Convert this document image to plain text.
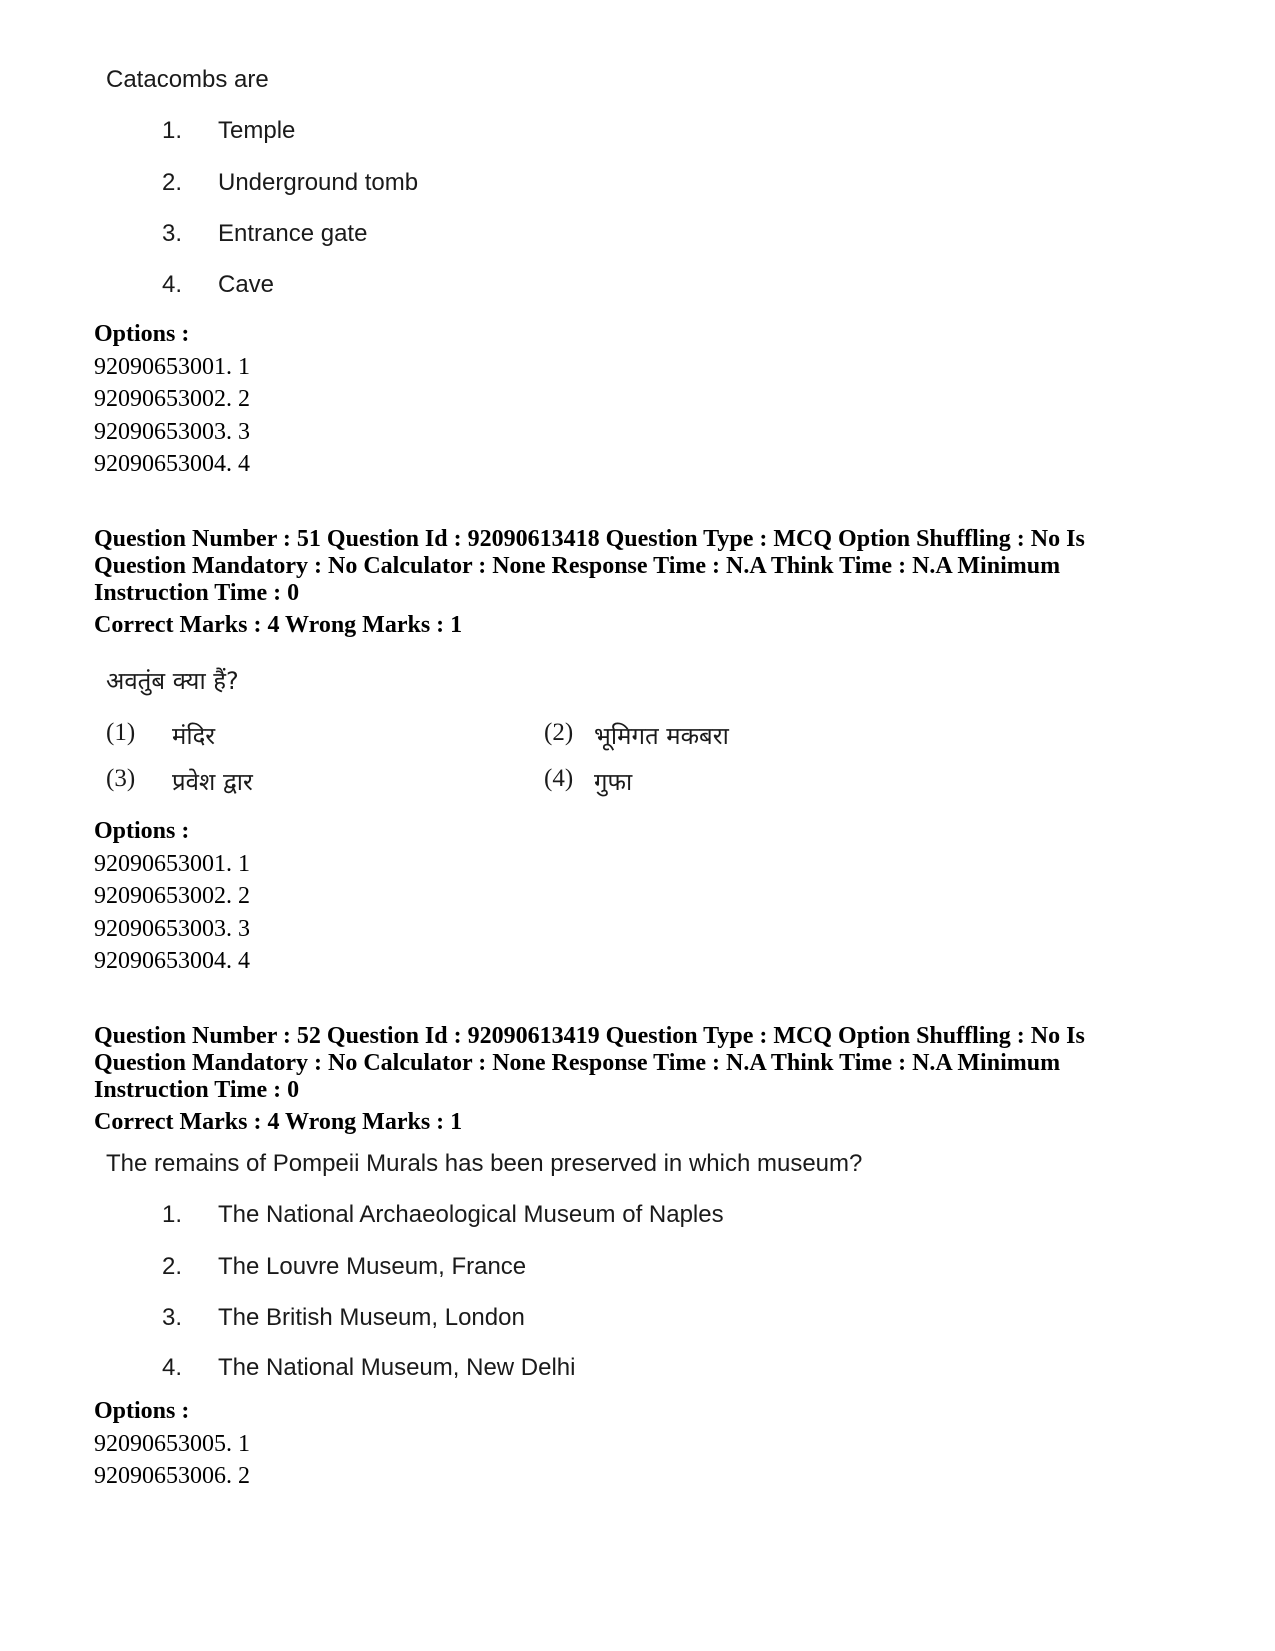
Catacombs are
1. Temple
2. Underground tomb
3. Entrance gate
4. Cave
Options :
92090653001. 1
92090653002. 2
92090653003. 3
92090653004. 4
Question Number : 51 Question Id : 92090613418 Question Type : MCQ Option Shuffling : No Is
Question Mandatory : No Calculator : None Response Time : N.A Think Time : N.A Minimum
Instruction Time : 0
Correct Marks : 4 Wrong Marks : 1
अवतुंब क्या हैं?
(1) मंदिर	(2) भूमिगत मकबरा
(3) प्रवेश द्वार	(4) गुफा
Options :
92090653001. 1
92090653002. 2
92090653003. 3
92090653004. 4
Question Number : 52 Question Id : 92090613419 Question Type : MCQ Option Shuffling : No Is
Question Mandatory : No Calculator : None Response Time : N.A Think Time : N.A Minimum
Instruction Time : 0
Correct Marks : 4 Wrong Marks : 1
The remains of Pompeii Murals has been preserved in which museum?
1. The National Archaeological Museum of Naples
2. The Louvre Museum, France
3. The British Museum, London
4. The National Museum, New Delhi
Options :
92090653005. 1
92090653006. 2
